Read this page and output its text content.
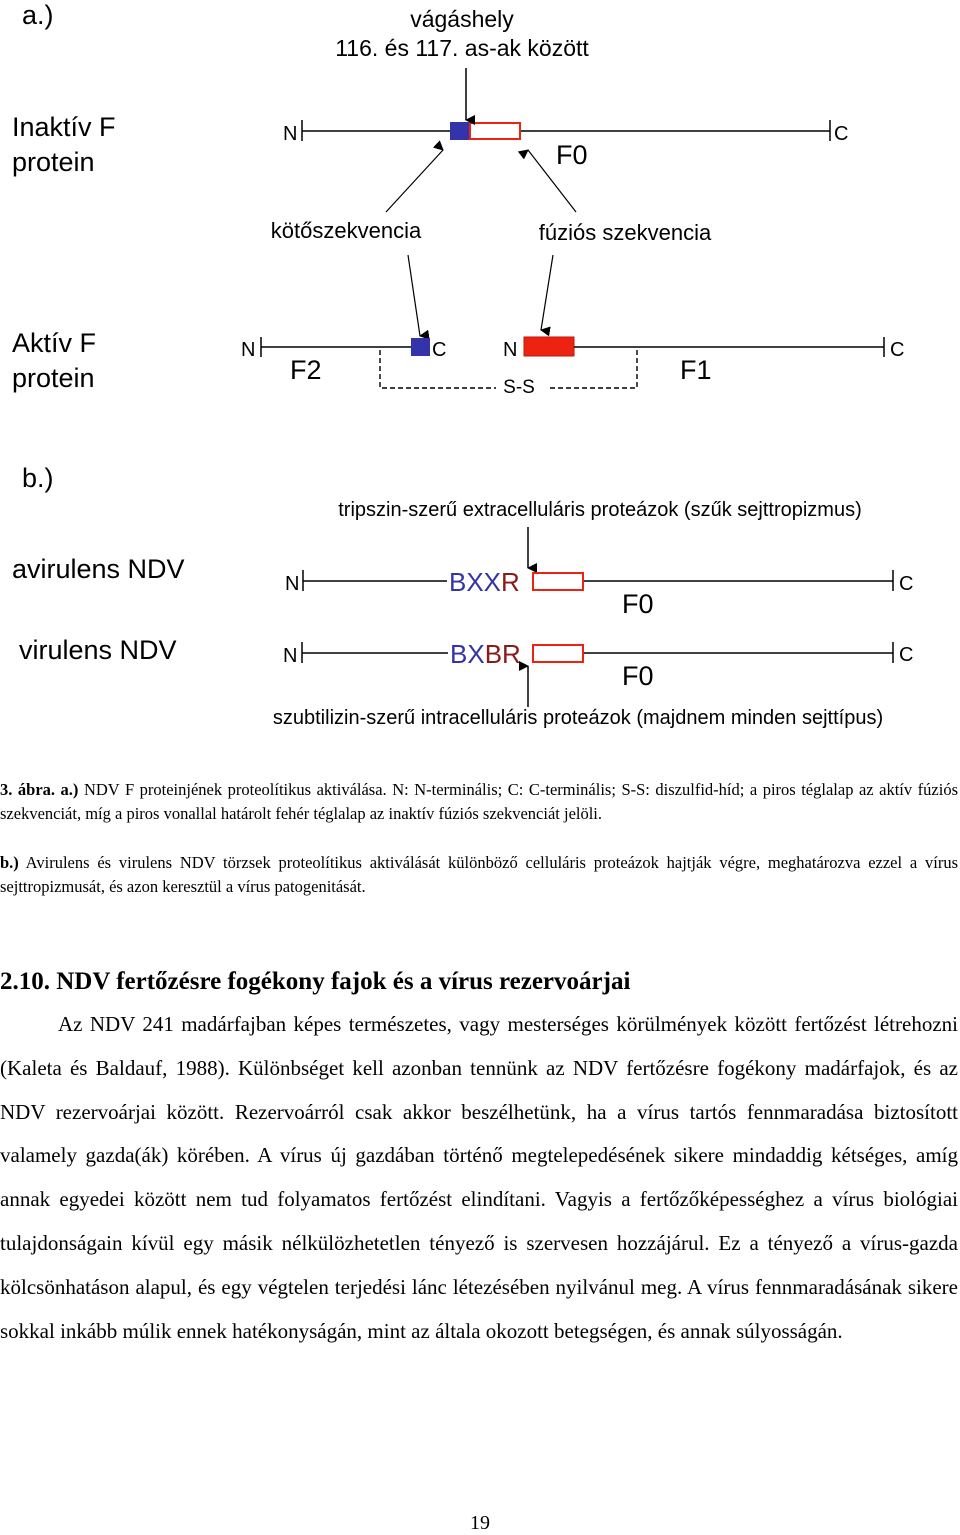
a.)	vágáshely
116. és 117. as-ak között
Inaktív F
protein
N	C
F0
kötőszekvencia	fúziós szekvencia
Aktív F
protein
N	C
F2
N	C
F1
S-S
b.)
tripszin-szerű extracelluláris proteázok (szűk sejttropizmus)
avirulens NDV
virulens NDV
N	BXXR	C
F0
N	BXBR	C
F0
szubtilizin-szerű intracelluláris proteázok (majdnem minden sejttípus)

3. ábra. a.) NDV F proteinjének proteolítikus aktiválása. N: N-terminális; C: C-terminális; S-S: diszulfid-híd; a piros téglalap az aktív fúziós szekvenciát, míg a piros vonallal határolt fehér téglalap az inaktív fúziós szekvenciát jelöli.

b.) Avirulens és virulens NDV törzsek proteolítikus aktiválását különböző celluláris proteázok hajtják végre, meghatározva ezzel a vírus sejttropizmusát, és azon keresztül a vírus patogenitását.

2.10. NDV fertőzésre fogékony fajok és a vírus rezervoárjai

Az NDV 241 madárfajban képes természetes, vagy mesterséges körülmények között fertőzést létrehozni (Kaleta és Baldauf, 1988). Különbséget kell azonban tennünk az NDV fertőzésre fogékony madárfajok, és az NDV rezervoárjai között. Rezervoárról csak akkor beszélhetünk, ha a vírus tartós fennmaradása biztosított valamely gazda(ák) körében. A vírus új gazdában történő megtelepedésének sikere mindaddig kétséges, amíg annak egyedei között nem tud folyamatos fertőzést elindítani. Vagyis a fertőzőképességhez a vírus biológiai tulajdonságain kívül egy másik nélkülözhetetlen tényező is szervesen hozzájárul. Ez a tényező a vírus-gazda kölcsönhatáson alapul, és egy végtelen terjedési lánc létezésében nyilvánul meg. A vírus fennmaradásának sikere sokkal inkább múlik ennek hatékonyságán, mint az általa okozott betegségen, és annak súlyosságán.

19
